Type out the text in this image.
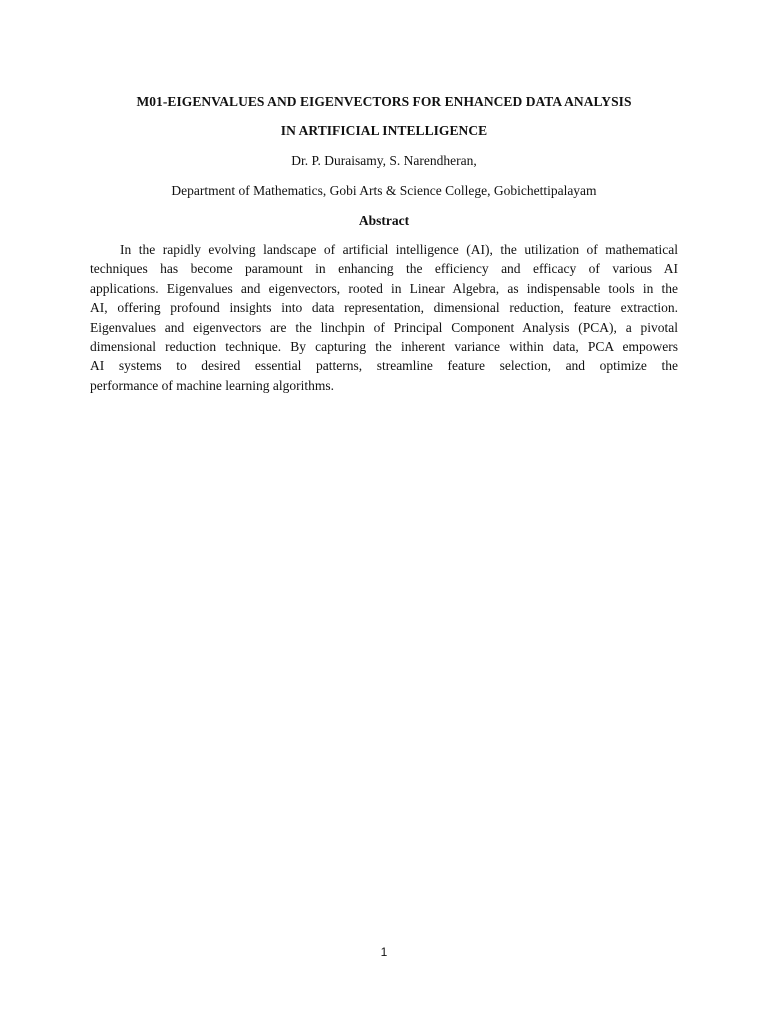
M01-EIGENVALUES AND EIGENVECTORS FOR ENHANCED DATA ANALYSIS
IN ARTIFICIAL INTELLIGENCE
Dr. P. Duraisamy, S. Narendheran,
Department of Mathematics, Gobi Arts & Science College, Gobichettipalayam
Abstract
In the rapidly evolving landscape of artificial intelligence (AI), the utilization of mathematical
techniques has become paramount in enhancing the efficiency and efficacy of various AI
applications. Eigenvalues and eigenvectors, rooted in Linear Algebra, as indispensable tools in the
AI, offering profound insights into data representation, dimensional reduction, feature extraction.
Eigenvalues and eigenvectors are the linchpin of Principal Component Analysis (PCA), a pivotal
dimensional reduction technique. By capturing the inherent variance within data, PCA empowers
AI systems to desired essential patterns, streamline feature selection, and optimize the
performance of machine learning algorithms.
1
